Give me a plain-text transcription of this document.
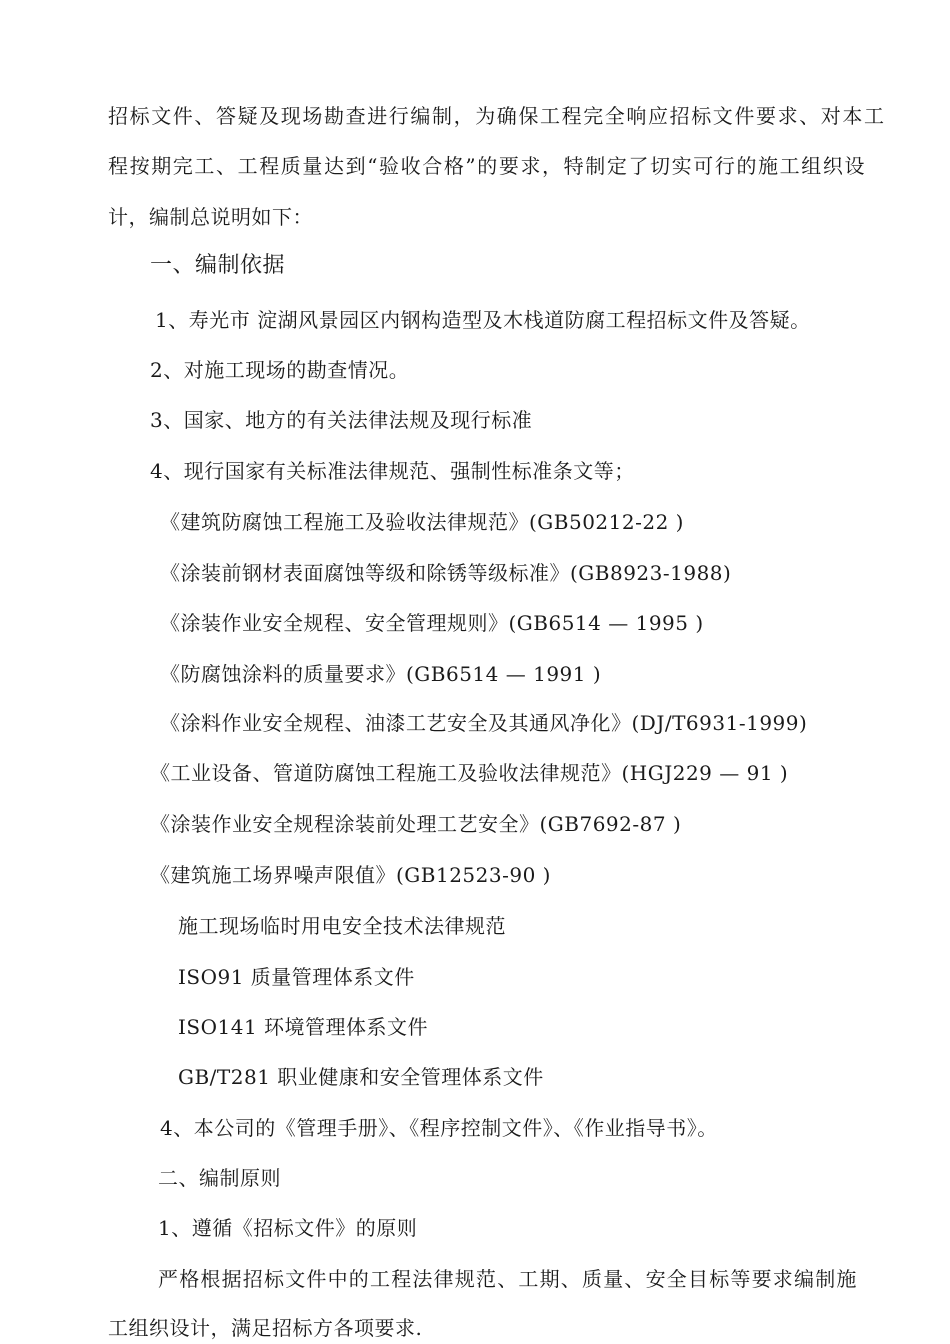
招标文件、答疑及现场勘查进行编制，为确保工程完全响应招标文件要求、对本工
程按期完工、工程质量达到“验收合格”的要求，特制定了切实可行的施工组织设
计，编制总说明如下：
一、编制依据
1、寿光市 淀湖风景园区内钢构造型及木栈道防腐工程招标文件及答疑。
2、对施工现场的勘查情况。
3、国家、地方的有关法律法规及现行标准
4、现行国家有关标准法律规范、强制性标准条文等；
《建筑防腐蚀工程施工及验收法律规范》(GB50212-22 )
《涂装前钢材表面腐蚀等级和除锈等级标准》(GB8923-1988)
《涂装作业安全规程、安全管理规则》(GB6514 — 1995 )
《防腐蚀涂料的质量要求》(GB6514 — 1991 )
《涂料作业安全规程、油漆工艺安全及其通风净化》(DJ/T6931-1999)
《工业设备、管道防腐蚀工程施工及验收法律规范》(HGJ229 — 91 )
《涂装作业安全规程涂装前处理工艺安全》(GB7692-87 )
《建筑施工场界噪声限值》(GB12523-90 )
施工现场临时用电安全技术法律规范
ISO91 质量管理体系文件
ISO141 环境管理体系文件
GB/T281 职业健康和安全管理体系文件
4、本公司的《管理手册》、《程序控制文件》、《作业指导书》。
二、编制原则
1、遵循《招标文件》的原则
严格根据招标文件中的工程法律规范、工期、质量、安全目标等要求编制施
工组织设计，满足招标方各项要求.
